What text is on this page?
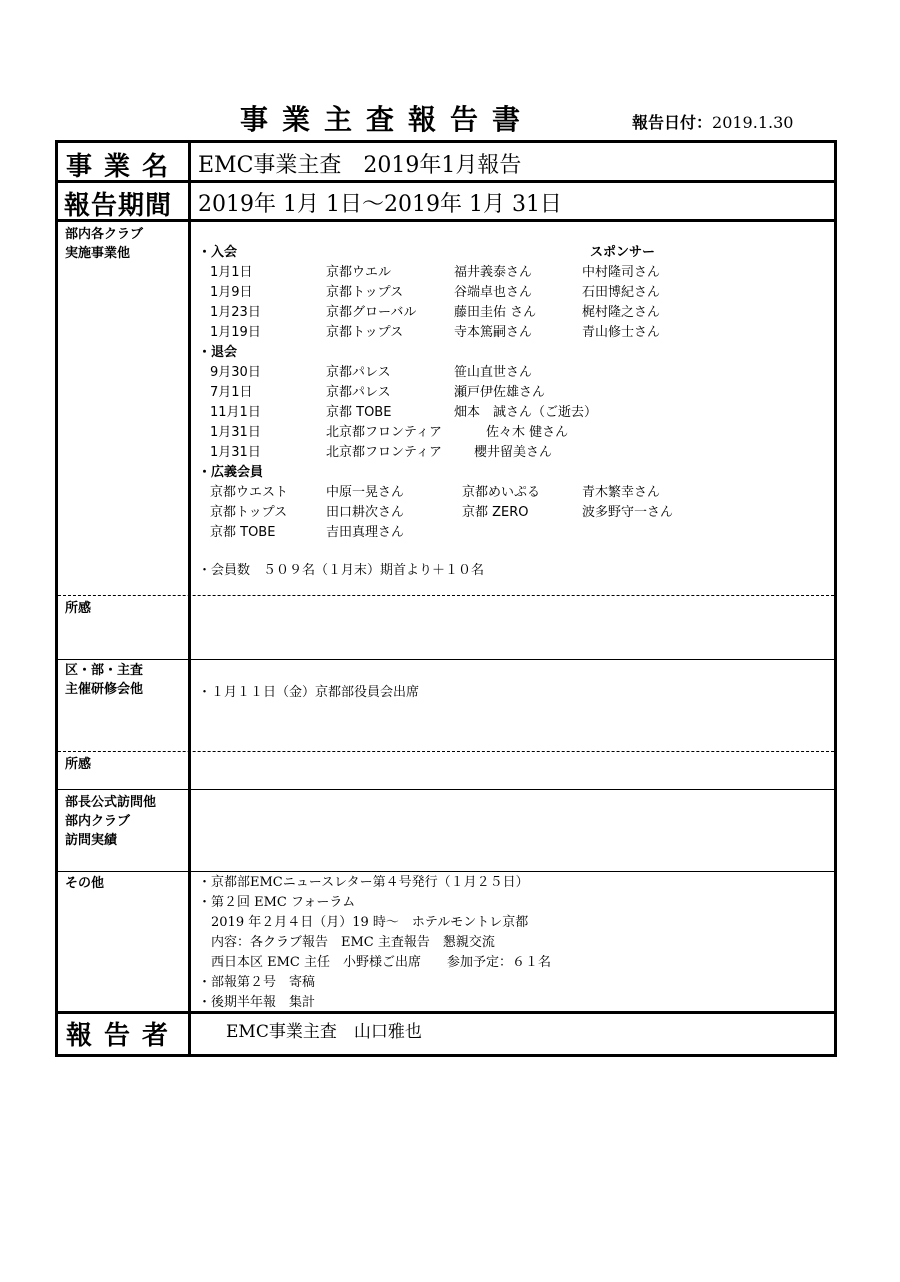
事業主査報告書	報告日付：2019.1.30
事業名 EMC事業主査　2019年1月報告
報告期間 2019年 1月 1日〜2019年 1月 31日
部内各クラブ
実施事業他	・入会	スポンサー
1月1日	京都ウエル	福井義泰さん	中村隆司さん
1月9日	京都トップス	谷端卓也さん	石田博紀さん
1月23日	京都グローバル	藤田圭佑 さん	梶村隆之さん
1月19日	京都トップス	寺本篤嗣さん	青山修士さん
・退会
9月30日	京都パレス	笹山直世さん
7月1日	京都パレス	瀬戸伊佐雄さん
11月1日	京都 TOBE	畑本　誠さん（ご逝去）
1月31日	北京都フロンティア	佐々木 健さん
1月31日	北京都フロンティア 櫻井留美さん
・広義会員
京都ウエスト	中原一晃さん	京都めいぷる	青木繁幸さん
京都トップス	田口耕次さん	京都 ZERO	波多野守一さん
京都 TOBE	吉田真理さん
・会員数　５０９名（１月末）期首より＋１０名
所感
区・部・主査
主催研修会他	・１月１１日（金）京都部役員会出席
所感
部長公式訪問他
部内クラブ
訪問実績
その他	・京都部EMCニュースレター第４号発行（１月２５日）
・第２回 EMC フォーラム
　2019 年２月４日（月）19 時〜　ホテルモントレ京都
　内容：各クラブ報告　EMC 主査報告　懇親交流
　西日本区 EMC 主任　小野様ご出席　　参加予定：６１名
・部報第２号　寄稿
・後期半年報　集計
報告者	EMC事業主査　山口雅也
